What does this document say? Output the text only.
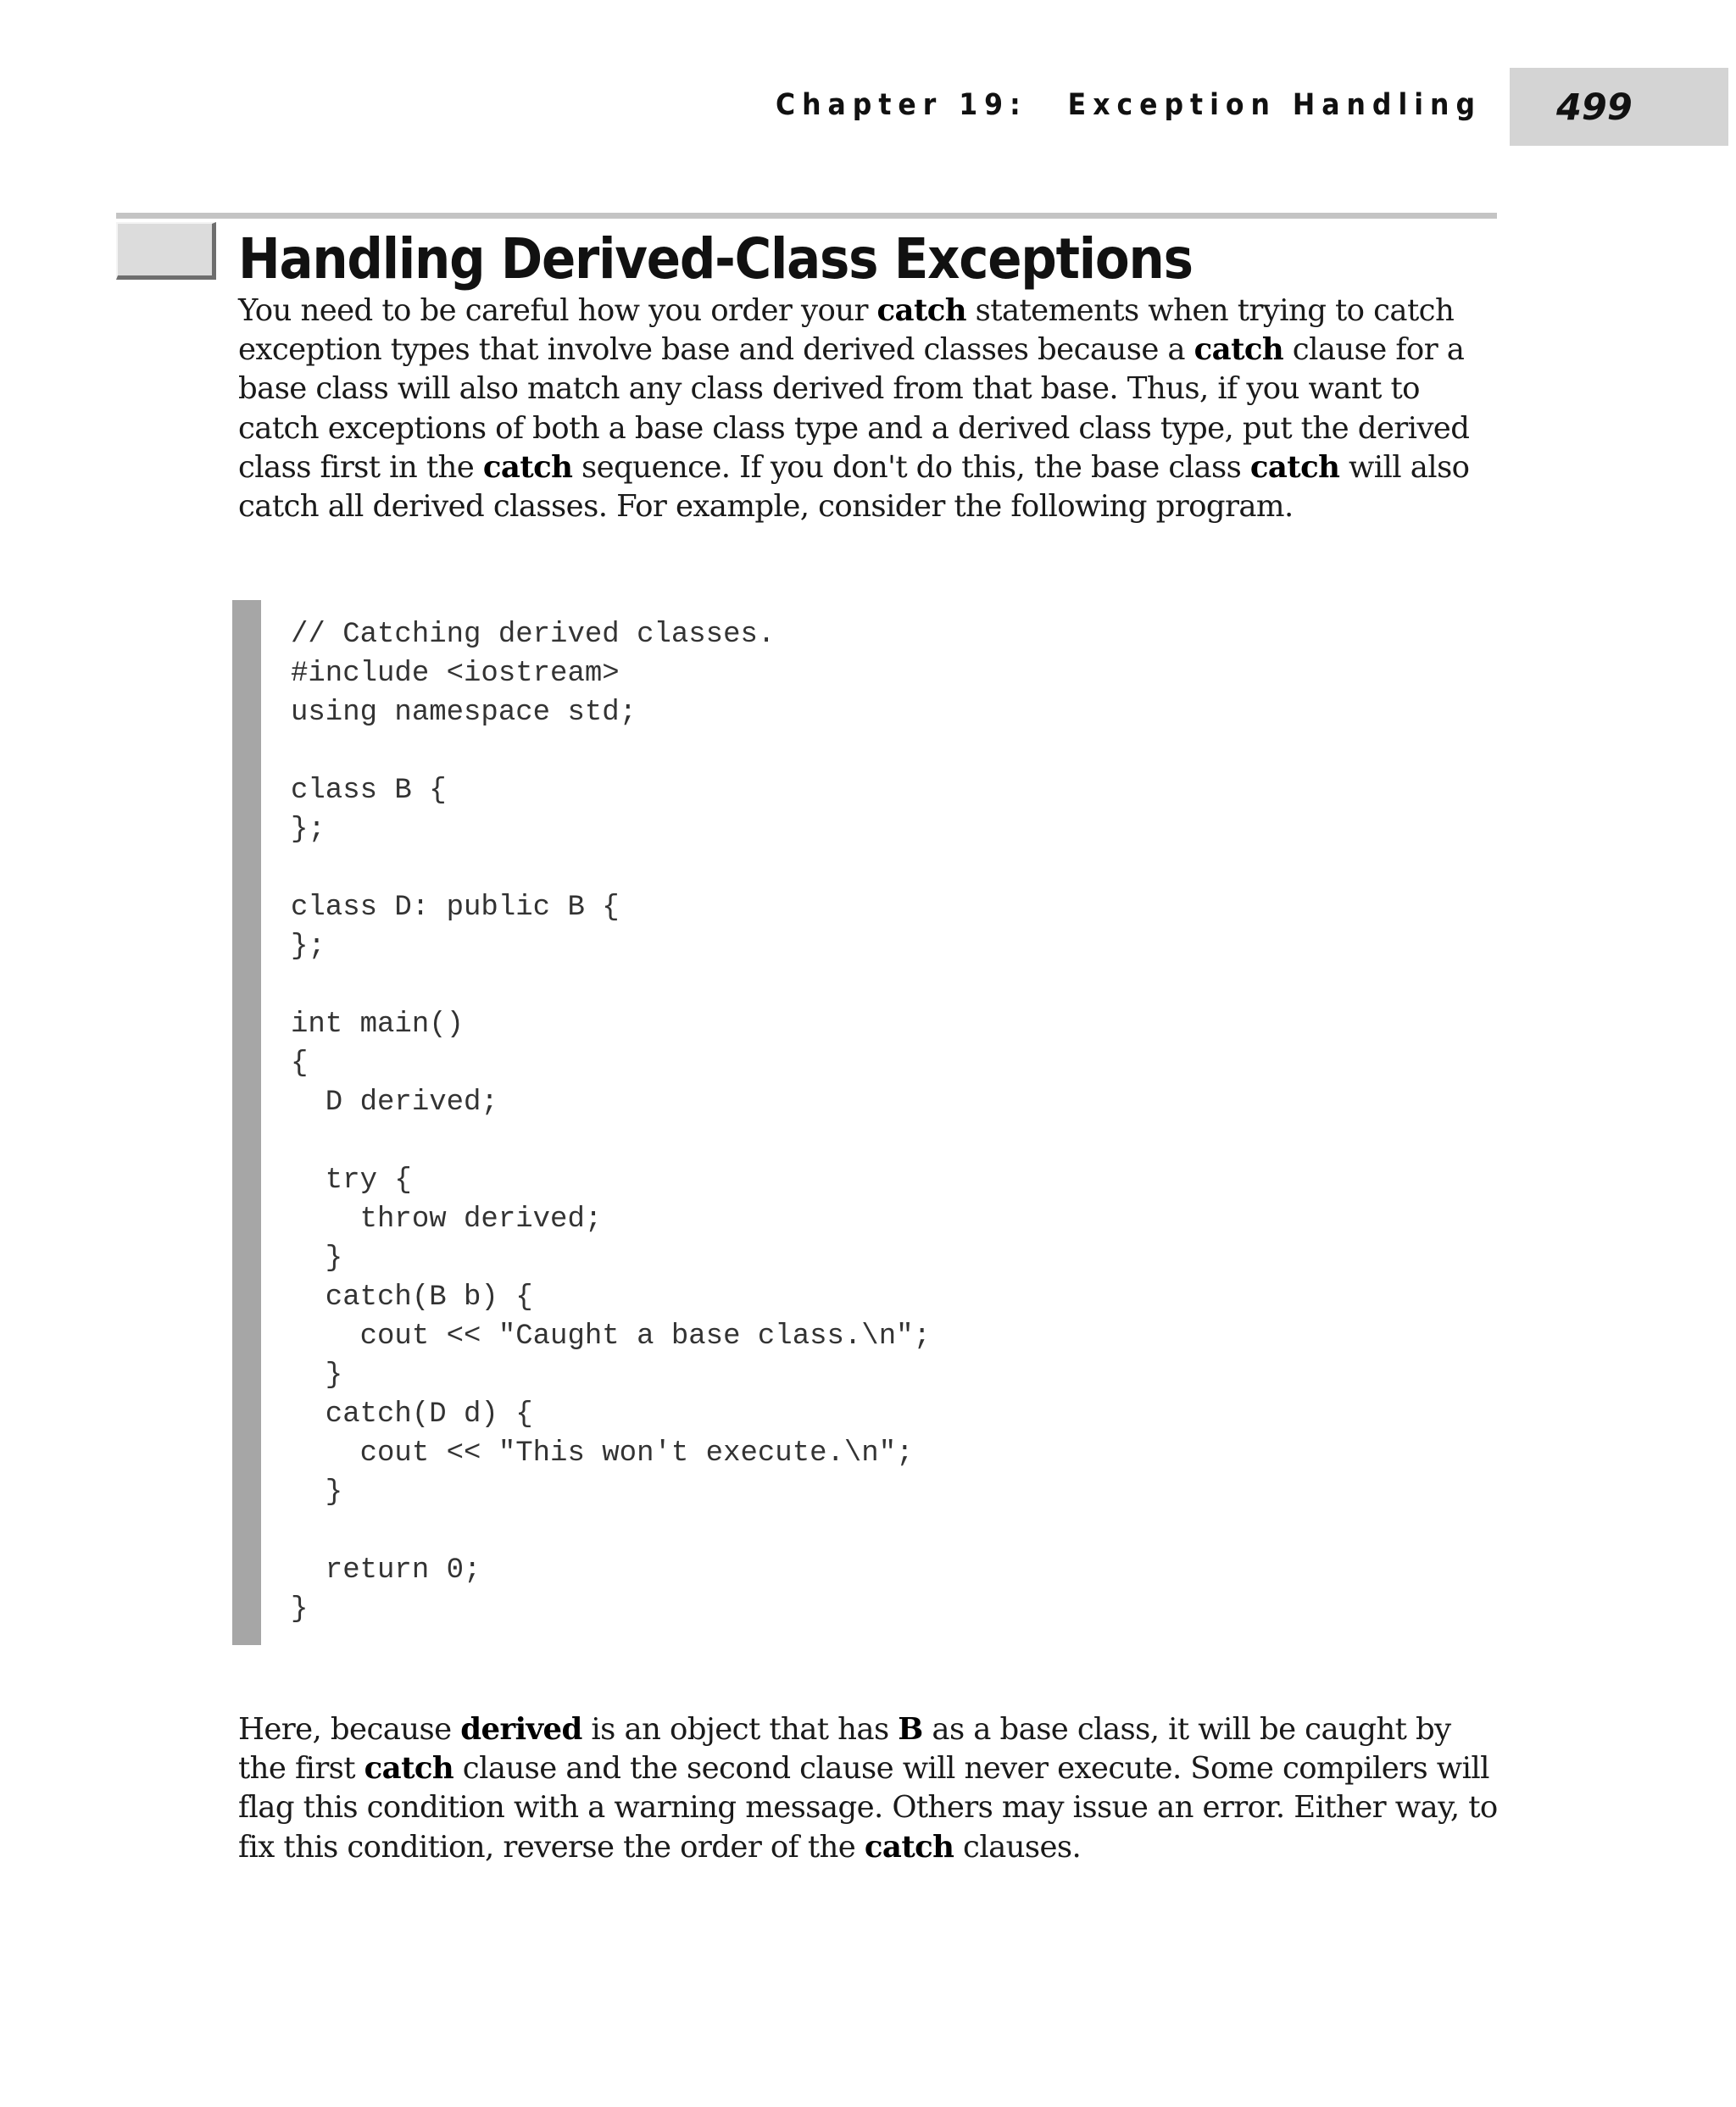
Chapter 19: Exception Handling 499
Handling Derived-Class Exceptions
You need to be careful how you order your catch statements when trying to catch exception types that involve base and derived classes because a catch clause for a base class will also match any class derived from that base. Thus, if you want to catch exceptions of both a base class type and a derived class type, put the derived class first in the catch sequence. If you don't do this, the base class catch will also catch all derived classes. For example, consider the following program.
// Catching derived classes.
#include <iostream>
using namespace std;

class B {
};

class D: public B {
};

int main()
{
D derived;

try {
throw derived;
}
catch(B b) {
cout << "Caught a base class.\n";
}
catch(D d) {
cout << "This won't execute.\n";
}

return 0;
}
Here, because derived is an object that has B as a base class, it will be caught by the first catch clause and the second clause will never execute. Some compilers will flag this condition with a warning message. Others may issue an error. Either way, to fix this condition, reverse the order of the catch clauses.
